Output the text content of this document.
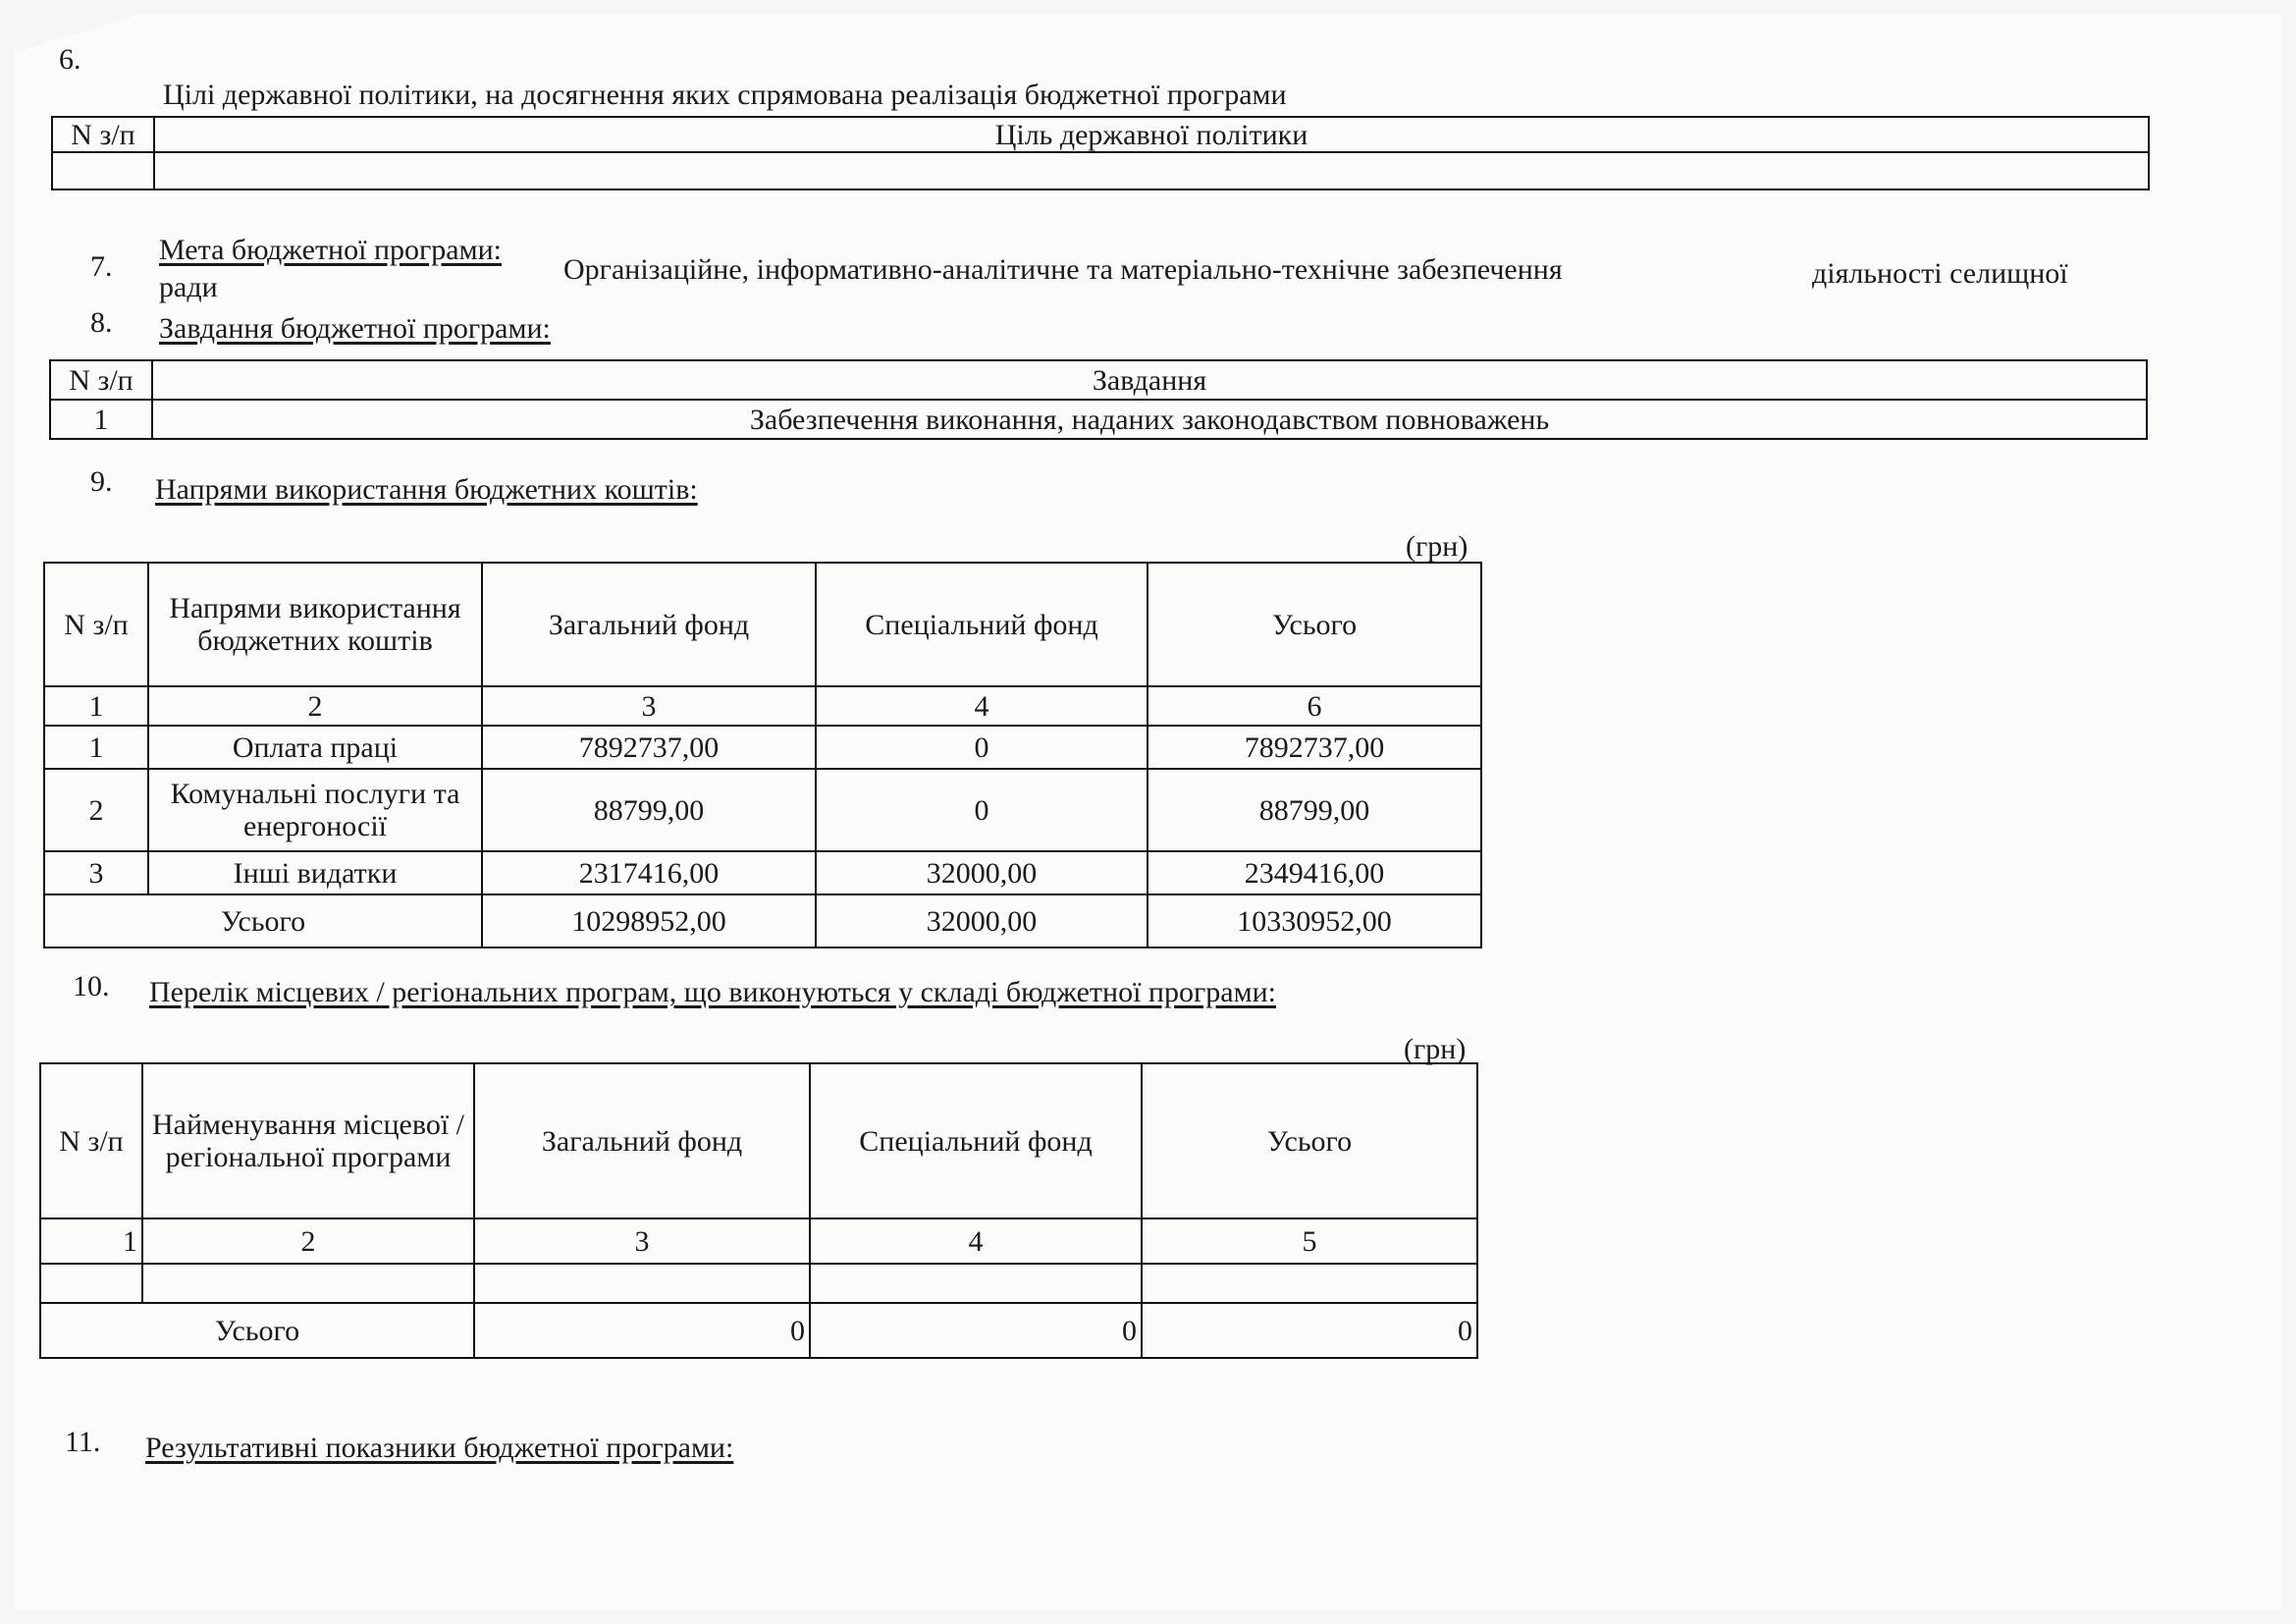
6.
Цілі державної політики, на досягнення яких спрямована реалізація бюджетної програми
N з/п	Ціль державної політики

7.
Мета бюджетної програми:
Організаційне, інформативно-аналітичне та матеріально-технічне забезпечення	діяльності селищної
ради
8. Завдання бюджетної програми:
N з/п	Завдання
1	Забезпечення виконання, наданих законодавством повноважень
9. Напрями використання бюджетних коштів:
(грн)
N з/п	Напрями використання бюджетних коштів	Загальний фонд	Спеціальний фонд	Усього
1	2	3	4	6
1	Оплата праці	7892737,00	0	7892737,00
2	Комунальні послуги та енергоносії	88799,00	0	88799,00
3	Інші видатки	2317416,00	32000,00	2349416,00
Усього		10298952,00	32000,00	10330952,00
10. Перелік місцевих / регіональних програм, що виконуються у складі бюджетної програми:
(грн)
N з/п	Найменування місцевої / регіональної програми	Загальний фонд	Спеціальний фонд	Усього
1	2	3	4	5

Усього		0	0	0
11. Результативні показники бюджетної програми:
